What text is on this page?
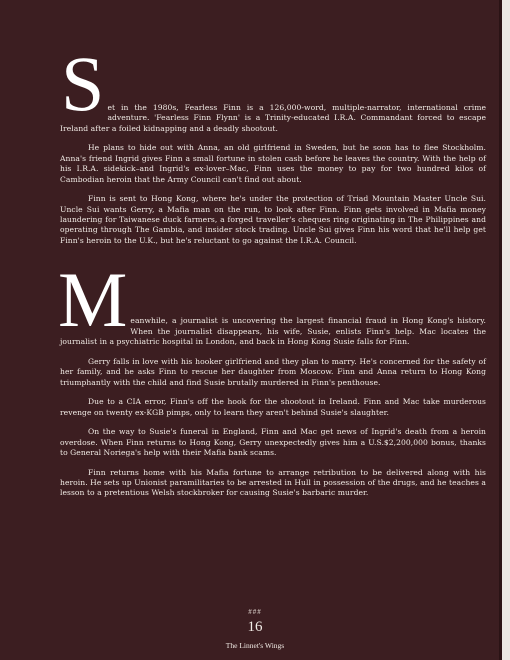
S et in the 1980s, Fearless Finn is a 126,000-word, multiple-narrator, international crime adventure. 'Fearless Finn Flynn' is a Trinity-educated I.R.A. Commandant forced to escape Ireland after a foiled kidnapping and a deadly shootout.

He plans to hide out with Anna, an old girlfriend in Sweden, but he soon has to flee Stockholm. Anna's friend Ingrid gives Finn a small fortune in stolen cash before he leaves the country. With the help of his I.R.A. sidekick–and Ingrid's ex-lover–Mac, Finn uses the money to pay for two hundred kilos of Cambodian heroin that the Army Council can't find out about.

Finn is sent to Hong Kong, where he's under the protection of Triad Mountain Master Uncle Sui. Uncle Sui wants Gerry, a Mafia man on the run, to look after Finn. Finn gets involved in Mafia money laundering for Taiwanese duck farmers, a forged traveller's cheques ring originating in The Philippines and operating through The Gambia, and insider stock trading. Uncle Sui gives Finn his word that he'll help get Finn's heroin to the U.K., but he's reluctant to go against the I.R.A. Council.

M eanwhile, a journalist is uncovering the largest financial fraud in Hong Kong's history. When the journalist disappears, his wife, Susie, enlists Finn's help. Mac locates the journalist in a psychiatric hospital in London, and back in Hong Kong Susie falls for Finn.

Gerry falls in love with his hooker girlfriend and they plan to marry. He's concerned for the safety of her family, and he asks Finn to rescue her daughter from Moscow. Finn and Anna return to Hong Kong triumphantly with the child and find Susie brutally murdered in Finn's penthouse.

Due to a CIA error, Finn's off the hook for the shootout in Ireland. Finn and Mac take murderous revenge on twenty ex-KGB pimps, only to learn they aren't behind Susie's slaughter.

On the way to Susie's funeral in England, Finn and Mac get news of Ingrid's death from a heroin overdose. When Finn returns to Hong Kong, Gerry unexpectedly gives him a U.S.$2,200,000 bonus, thanks to General Noriega's help with their Mafia bank scams.

Finn returns home with his Mafia fortune to arrange retribution to be delivered along with his heroin. He sets up Unionist paramilitaries to be arrested in Hull in possession of the drugs, and he teaches a lesson to a pretentious Welsh stockbroker for causing Susie's barbaric murder.

###
16
The Linnet's Wings
